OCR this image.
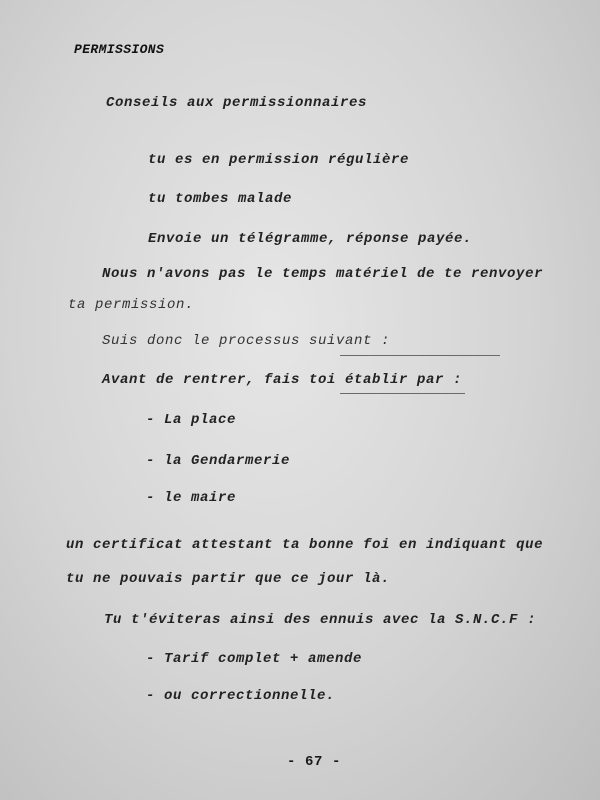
PERMISSIONS
Conseils aux permissionnaires
tu es en permission régulière
tu tombes malade
Envoie un télégramme, réponse payée.
Nous n'avons pas le temps matériel de te renvoyer
ta permission.
Suis donc le processus suivant :
Avant de rentrer, fais toi établir par :
- La place
- la Gendarmerie
- le maire
un certificat attestant ta bonne foi en indiquant que
tu ne pouvais partir que ce jour là.
Tu t'éviteras ainsi des ennuis avec la S.N.C.F :
- Tarif complet + amende
- ou correctionnelle.
- 67 -
